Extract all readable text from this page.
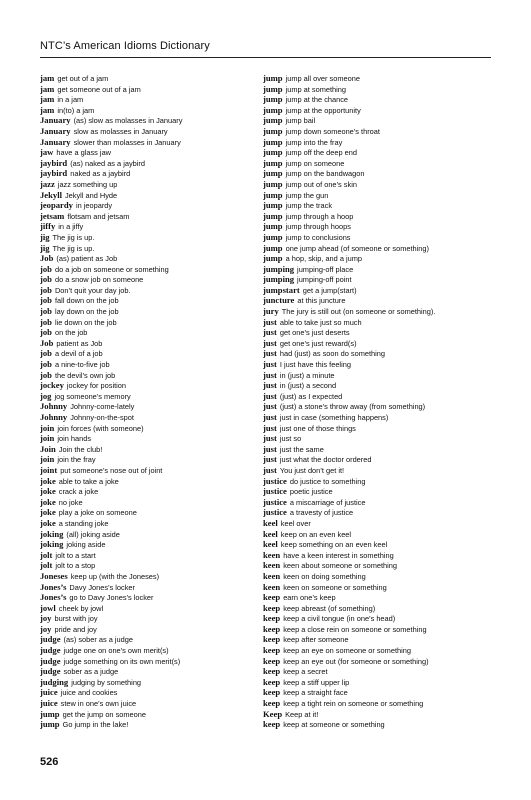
NTC’s American Idioms Dictionary
jam get out of a jam
jam get someone out of a jam
jam in a jam
jam in(to) a jam
January (as) slow as molasses in January
January slow as molasses in January
January slower than molasses in January
jaw have a glass jaw
jaybird (as) naked as a jaybird
jaybird naked as a jaybird
jazz jazz something up
Jekyll Jekyll and Hyde
jeopardy in jeopardy
jetsam flotsam and jetsam
jiffy in a jiffy
jig The jig is up.
jig The jig is up.
Job (as) patient as Job
job do a job on someone or something
job do a snow job on someone
job Don’t quit your day job.
job fall down on the job
job lay down on the job
job lie down on the job
job on the job
Job patient as Job
job a devil of a job
job a nine-to-five job
job the devil’s own job
jockey jockey for position
jog jog someone’s memory
Johnny Johnny-come-lately
Johnny Johnny-on-the-spot
join join forces (with someone)
join join hands
Join Join the club!
join join the fray
joint put someone’s nose out of joint
joke able to take a joke
joke crack a joke
joke no joke
joke play a joke on someone
joke a standing joke
joking (all) joking aside
joking joking aside
jolt jolt to a start
jolt jolt to a stop
Joneses keep up (with the Joneses)
Jones’s Davy Jones’s locker
Jones’s go to Davy Jones’s locker
jowl cheek by jowl
joy burst with joy
joy pride and joy
judge (as) sober as a judge
judge judge one on one’s own merit(s)
judge judge something on its own merit(s)
judge sober as a judge
judging judging by something
juice juice and cookies
juice stew in one’s own juice
jump get the jump on someone
jump Go jump in the lake!
jump jump all over someone
jump jump at something
jump jump at the chance
jump jump at the opportunity
jump jump bail
jump jump down someone’s throat
jump jump into the fray
jump jump off the deep end
jump jump on someone
jump jump on the bandwagon
jump jump out of one’s skin
jump jump the gun
jump jump the track
jump jump through a hoop
jump jump through hoops
jump jump to conclusions
jump one jump ahead (of someone or something)
jump a hop, skip, and a jump
jumping jumping-off place
jumping jumping-off point
jumpstart get a jump(start)
juncture at this juncture
jury The jury is still out (on someone or something).
just able to take just so much
just get one’s just deserts
just get one’s just reward(s)
just had (just) as soon do something
just I just have this feeling
just in (just) a minute
just in (just) a second
just (just) as I expected
just (just) a stone’s throw away (from something)
just just in case (something happens)
just just one of those things
just just so
just just the same
just just what the doctor ordered
just You just don’t get it!
justice do justice to something
justice poetic justice
justice a miscarriage of justice
justice a travesty of justice
keel keel over
keel keep on an even keel
keel keep something on an even keel
keen have a keen interest in something
keen keen about someone or something
keen keen on doing something
keen keen on someone or something
keep earn one’s keep
keep keep abreast (of something)
keep keep a civil tongue (in one’s head)
keep keep a close rein on someone or something
keep keep after someone
keep keep an eye on someone or something
keep keep an eye out (for someone or something)
keep keep a secret
keep keep a stiff upper lip
keep keep a straight face
keep keep a tight rein on someone or something
Keep Keep at it!
keep keep at someone or something
526
